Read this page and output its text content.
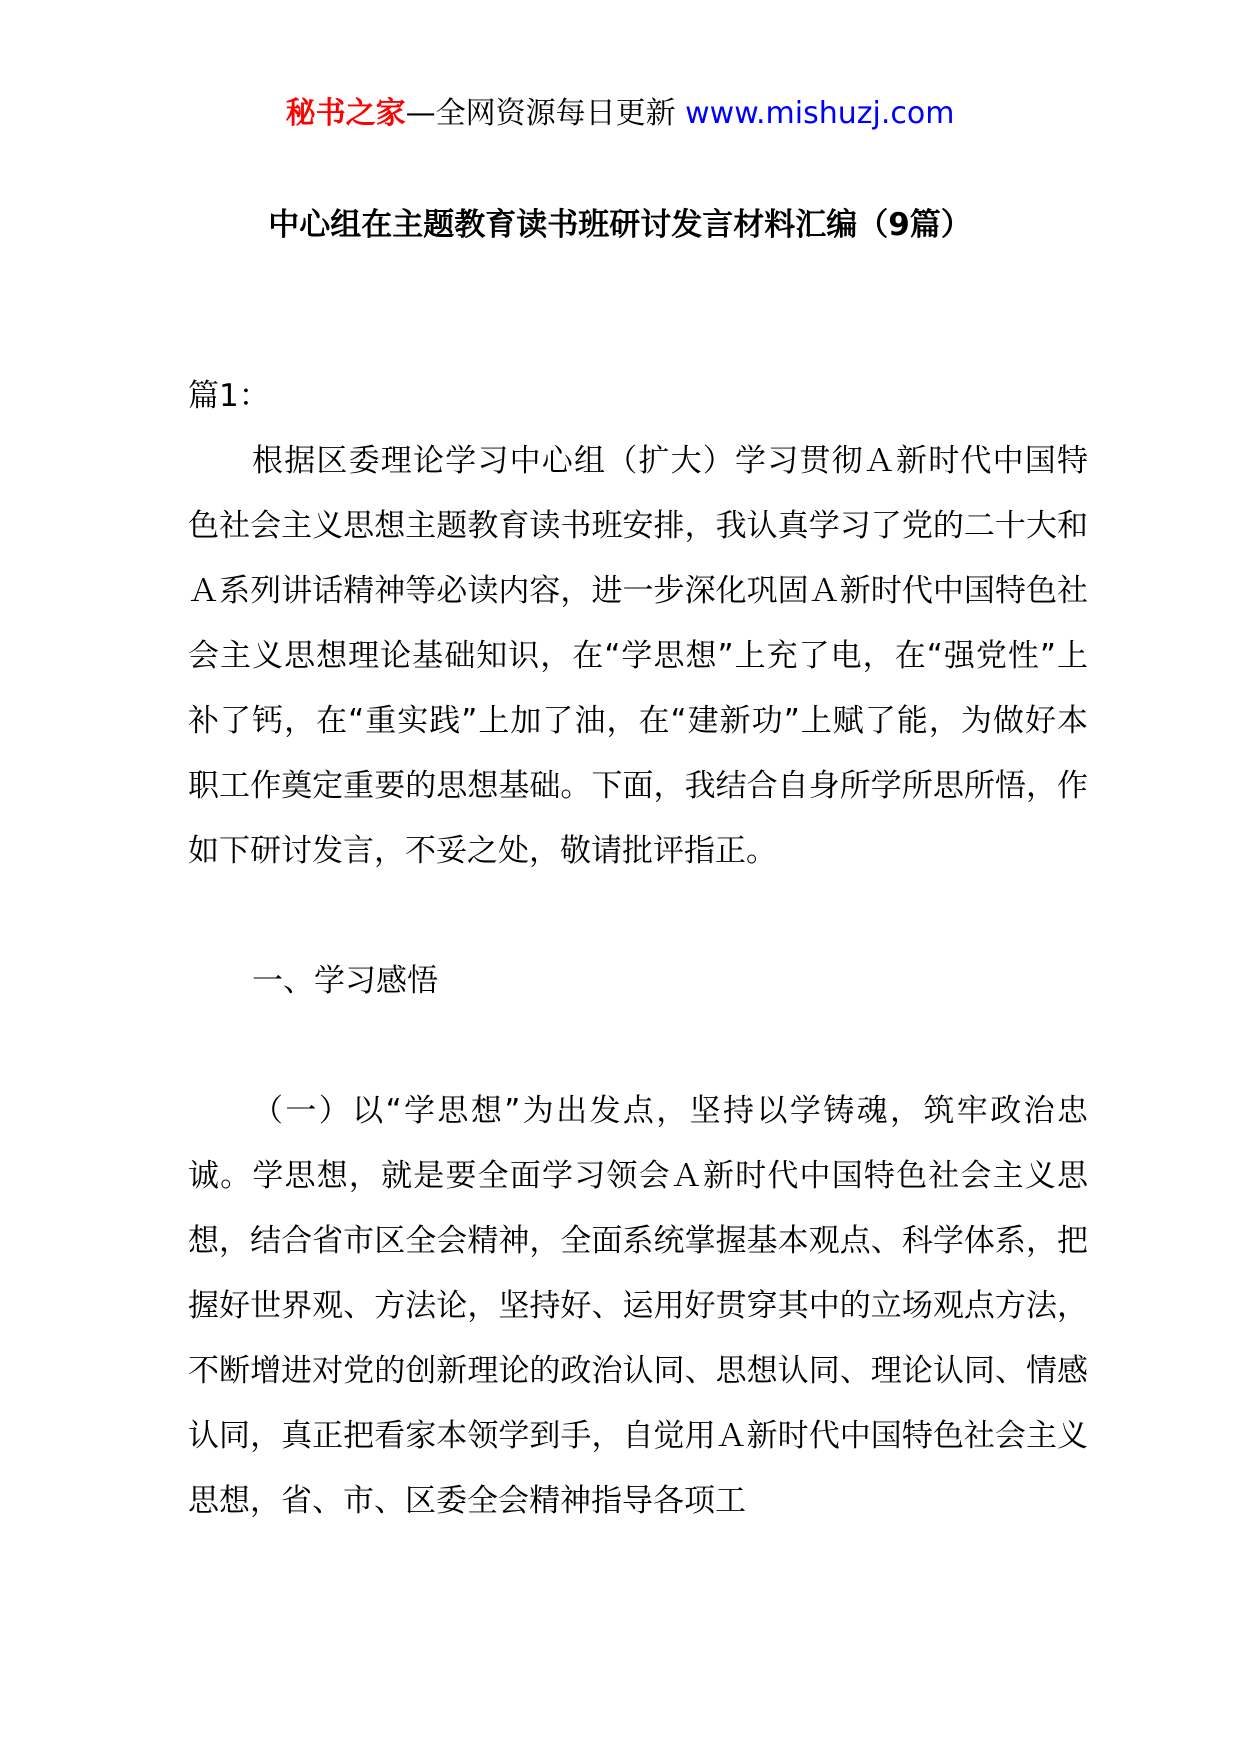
秘书之家—全网资源每日更新 www.mishuzj.com
中心组在主题教育读书班研讨发言材料汇编（9篇）

篇1：

根据区委理论学习中心组（扩大）学习贯彻Ａ新时代中国特色社会主义思想主题教育读书班安排，我认真学习了党的二十大和Ａ系列讲话精神等必读内容，进一步深化巩固Ａ新时代中国特色社会主义思想理论基础知识，在“学思想”上充了电，在“强党性”上补了钙，在“重实践”上加了油，在“建新功”上赋了能，为做好本职工作奠定重要的思想基础。下面，我结合自身所学所思所悟，作如下研讨发言，不妥之处，敬请批评指正。

一、学习感悟

（一）以“学思想”为出发点，坚持以学铸魂，筑牢政治忠诚。学思想，就是要全面学习领会Ａ新时代中国特色社会主义思想，结合省市区全会精神，全面系统掌握基本观点、科学体系，把握好世界观、方法论，坚持好、运用好贯穿其中的立场观点方法，不断增进对党的创新理论的政治认同、思想认同、理论认同、情感认同，真正把看家本领学到手，自觉用Ａ新时代中国特色社会主义思想，省、市、区委全会精神指导各项工
